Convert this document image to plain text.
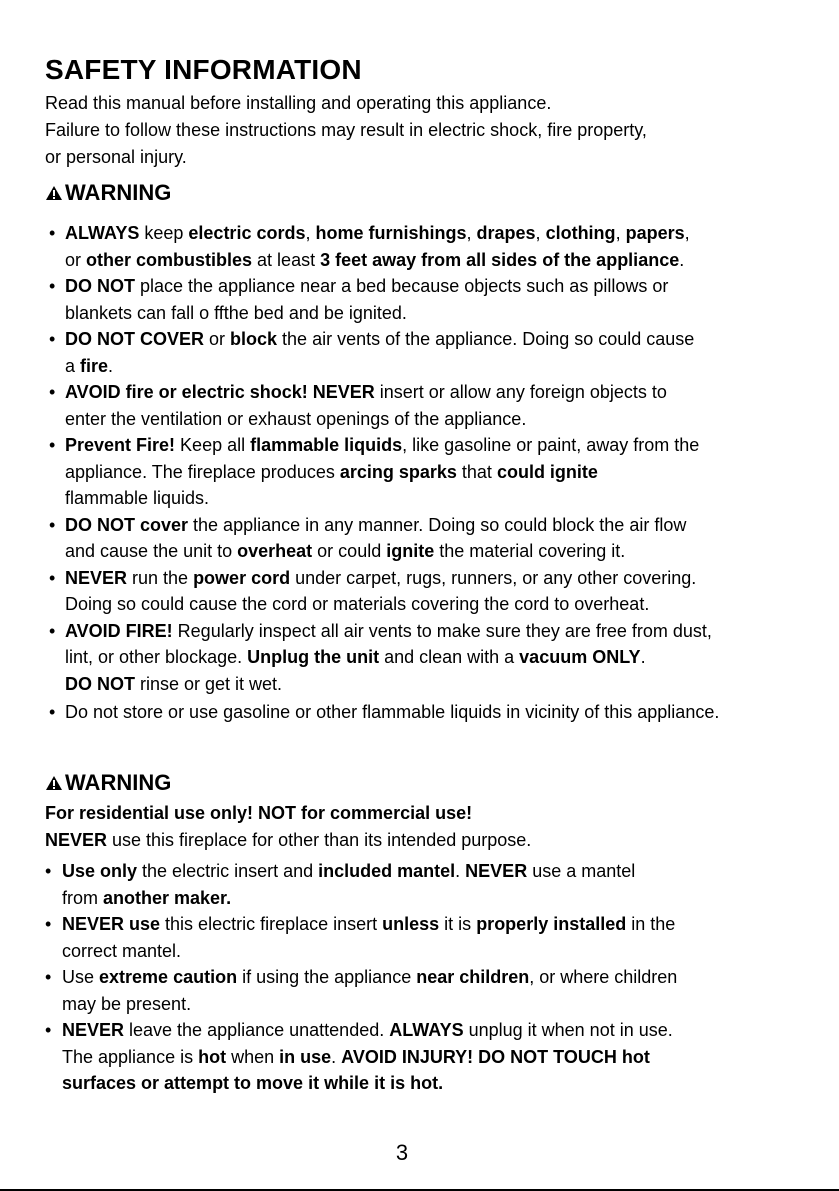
SAFETY INFORMATION
Read this manual before installing and operating this appliance.
Failure to follow these instructions may result in electric shock, fire property,
or personal injury.
WARNING
• ALWAYS keep electric cords, home furnishings, drapes, clothing, papers,
or other combustibles at least 3 feet away from all sides of the appliance.
• DO NOT place the appliance near a bed because objects such as pillows or
blankets can fall o ffthe bed and be ignited.
• DO NOT COVER or block the air vents of the appliance. Doing so could cause
a fire.
• AVOID fire or electric shock! NEVER insert or allow any foreign objects to
enter the ventilation or exhaust openings of the appliance.
• Prevent Fire! Keep all flammable liquids, like gasoline or paint, away from the
appliance. The fireplace produces arcing sparks that could ignite
flammable liquids.
• DO NOT cover the appliance in any manner. Doing so could block the air flow
and cause the unit to overheat or could ignite the material covering it.
• NEVER run the power cord under carpet, rugs, runners, or any other covering.
Doing so could cause the cord or materials covering the cord to overheat.
• AVOID FIRE! Regularly inspect all air vents to make sure they are free from dust,
lint, or other blockage. Unplug the unit and clean with a vacuum ONLY.
DO NOT rinse or get it wet.
• Do not store or use gasoline or other flammable liquids in vicinity of this appliance.
WARNING
For residential use only! NOT for commercial use!
NEVER use this fireplace for other than its intended purpose.
• Use only the electric insert and included mantel. NEVER use a mantel
from another maker.
• NEVER use this electric fireplace insert unless it is properly installed in the
correct mantel.
• Use extreme caution if using the appliance near children, or where children
may be present.
• NEVER leave the appliance unattended. ALWAYS unplug it when not in use.
The appliance is hot when in use. AVOID INJURY! DO NOT TOUCH hot
surfaces or attempt to move it while it is hot.
3
